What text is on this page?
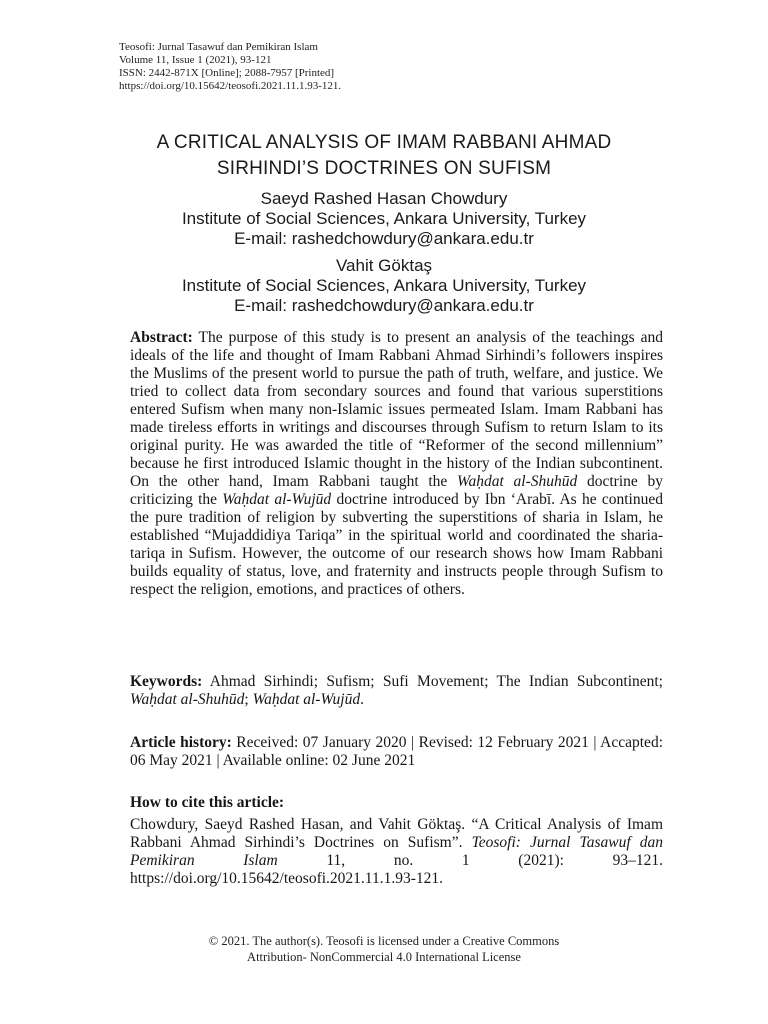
Teosofi: Jurnal Tasawuf dan Pemikiran Islam
Volume 11, Issue 1 (2021), 93-121
ISSN: 2442-871X [Online]; 2088-7957 [Printed]
https://doi.org/10.15642/teosofi.2021.11.1.93-121.
A CRITICAL ANALYSIS OF IMAM RABBANI AHMAD
SIRHINDI’S DOCTRINES ON SUFISM
Saeyd Rashed Hasan Chowdury
Institute of Social Sciences, Ankara University, Turkey
E-mail: rashedchowdury@ankara.edu.tr
Vahit Göktaş
Institute of Social Sciences, Ankara University, Turkey
E-mail: rashedchowdury@ankara.edu.tr
Abstract: The purpose of this study is to present an analysis of the teachings and ideals of the life and thought of Imam Rabbani Ahmad Sirhindi’s followers inspires the Muslims of the present world to pursue the path of truth, welfare, and justice. We tried to collect data from secondary sources and found that various superstitions entered Sufism when many non-Islamic issues permeated Islam. Imam Rabbani has made tireless efforts in writings and discourses through Sufism to return Islam to its original purity. He was awarded the title of “Reformer of the second millennium” because he first introduced Islamic thought in the history of the Indian subcontinent. On the other hand, Imam Rabbani taught the Waḥdat al-Shuhūd doctrine by criticizing the Waḥdat al-Wujūd doctrine introduced by Ibn ‘Arabī. As he continued the pure tradition of religion by subverting the superstitions of sharia in Islam, he established “Mujaddidiya Tariqa” in the spiritual world and coordinated the sharia-tariqa in Sufism. However, the outcome of our research shows how Imam Rabbani builds equality of status, love, and fraternity and instructs people through Sufism to respect the religion, emotions, and practices of others.
Keywords: Ahmad Sirhindi; Sufism; Sufi Movement; The Indian Subcontinent; Waḥdat al-Shuhūd; Waḥdat al-Wujūd.
Article history: Received: 07 January 2020 | Revised: 12 February 2021 | Accapted: 06 May 2021 | Available online: 02 June 2021
How to cite this article:
Chowdury, Saeyd Rashed Hasan, and Vahit Göktaş. “A Critical Analysis of Imam Rabbani Ahmad Sirhindi’s Doctrines on Sufism”. Teosofi: Jurnal Tasawuf dan Pemikiran Islam 11, no. 1 (2021): 93–121. https://doi.org/10.15642/teosofi.2021.11.1.93-121.
© 2021. The author(s). Teosofi is licensed under a Creative Commons
Attribution- NonCommercial 4.0 International License
